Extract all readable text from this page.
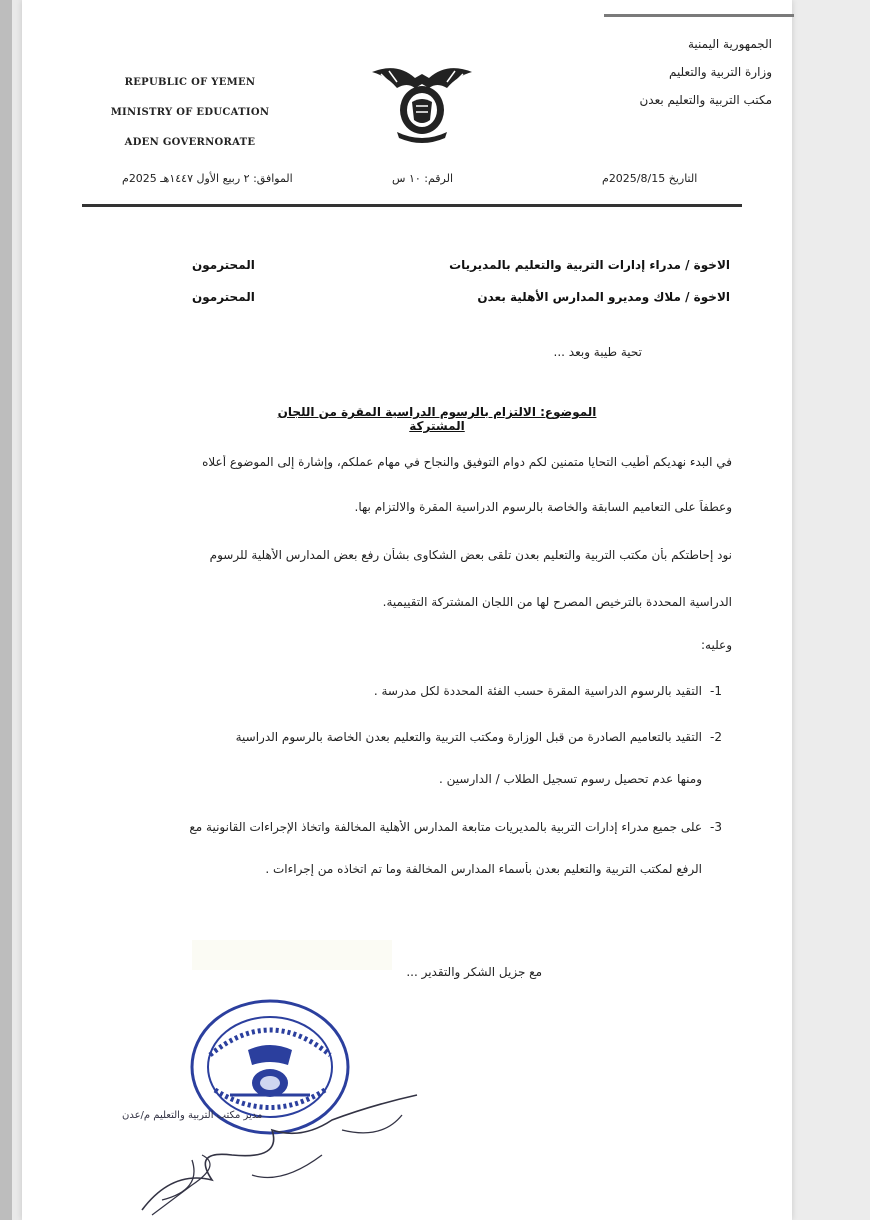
REPUBLIC OF YEMEN
MINISTRY OF EDUCATION
ADEN GOVERNORATE
الجمهورية اليمنية
وزارة التربية والتعليم
مكتب التربية والتعليم بعدن
الموافق: ٢ ربيع الأول ١٤٤٧هـ 2025م	الرقم: ١٠ س	التاريخ 2025/8/15م
الاخوة / مدراء إدارات التربية والتعليم بالمديريات
المحترمون
الاخوة / ملاك ومديرو المدارس الأهلية بعدن
المحترمون
تحية طيبة وبعد ...
الموضوع: الالتزام بالرسوم الدراسية المقرة من اللجان المشتركة
في البدء نهديكم أطيب التحايا متمنين لكم دوام التوفيق والنجاح في مهام عملكم، وإشارة إلى الموضوع أعلاه
وعطفاً على التعاميم السابقة والخاصة بالرسوم الدراسية المقرة والالتزام بها.
نود إحاطتكم بأن مكتب التربية والتعليم بعدن تلقى بعض الشكاوى بشأن رفع بعض المدارس الأهلية للرسوم
الدراسية المحددة بالترخيص المصرح لها من اللجان المشتركة التقييمية.
وعليه:
-1
التقيد بالرسوم الدراسية المقرة حسب الفئة المحددة لكل مدرسة .
-2
التقيد بالتعاميم الصادرة من قبل الوزارة ومكتب التربية والتعليم بعدن الخاصة بالرسوم الدراسية
ومنها عدم تحصيل رسوم تسجيل الطلاب / الدارسين .
-3
على جميع مدراء إدارات التربية بالمديريات متابعة المدارس الأهلية المخالفة واتخاذ الإجراءات القانونية مع
الرفع لمكتب التربية والتعليم بعدن بأسماء المدارس المخالفة وما تم اتخاذه من إجراءات .
مع جزيل الشكر والتقدير ...
مدير مكتب التربية والتعليم م/عدن
